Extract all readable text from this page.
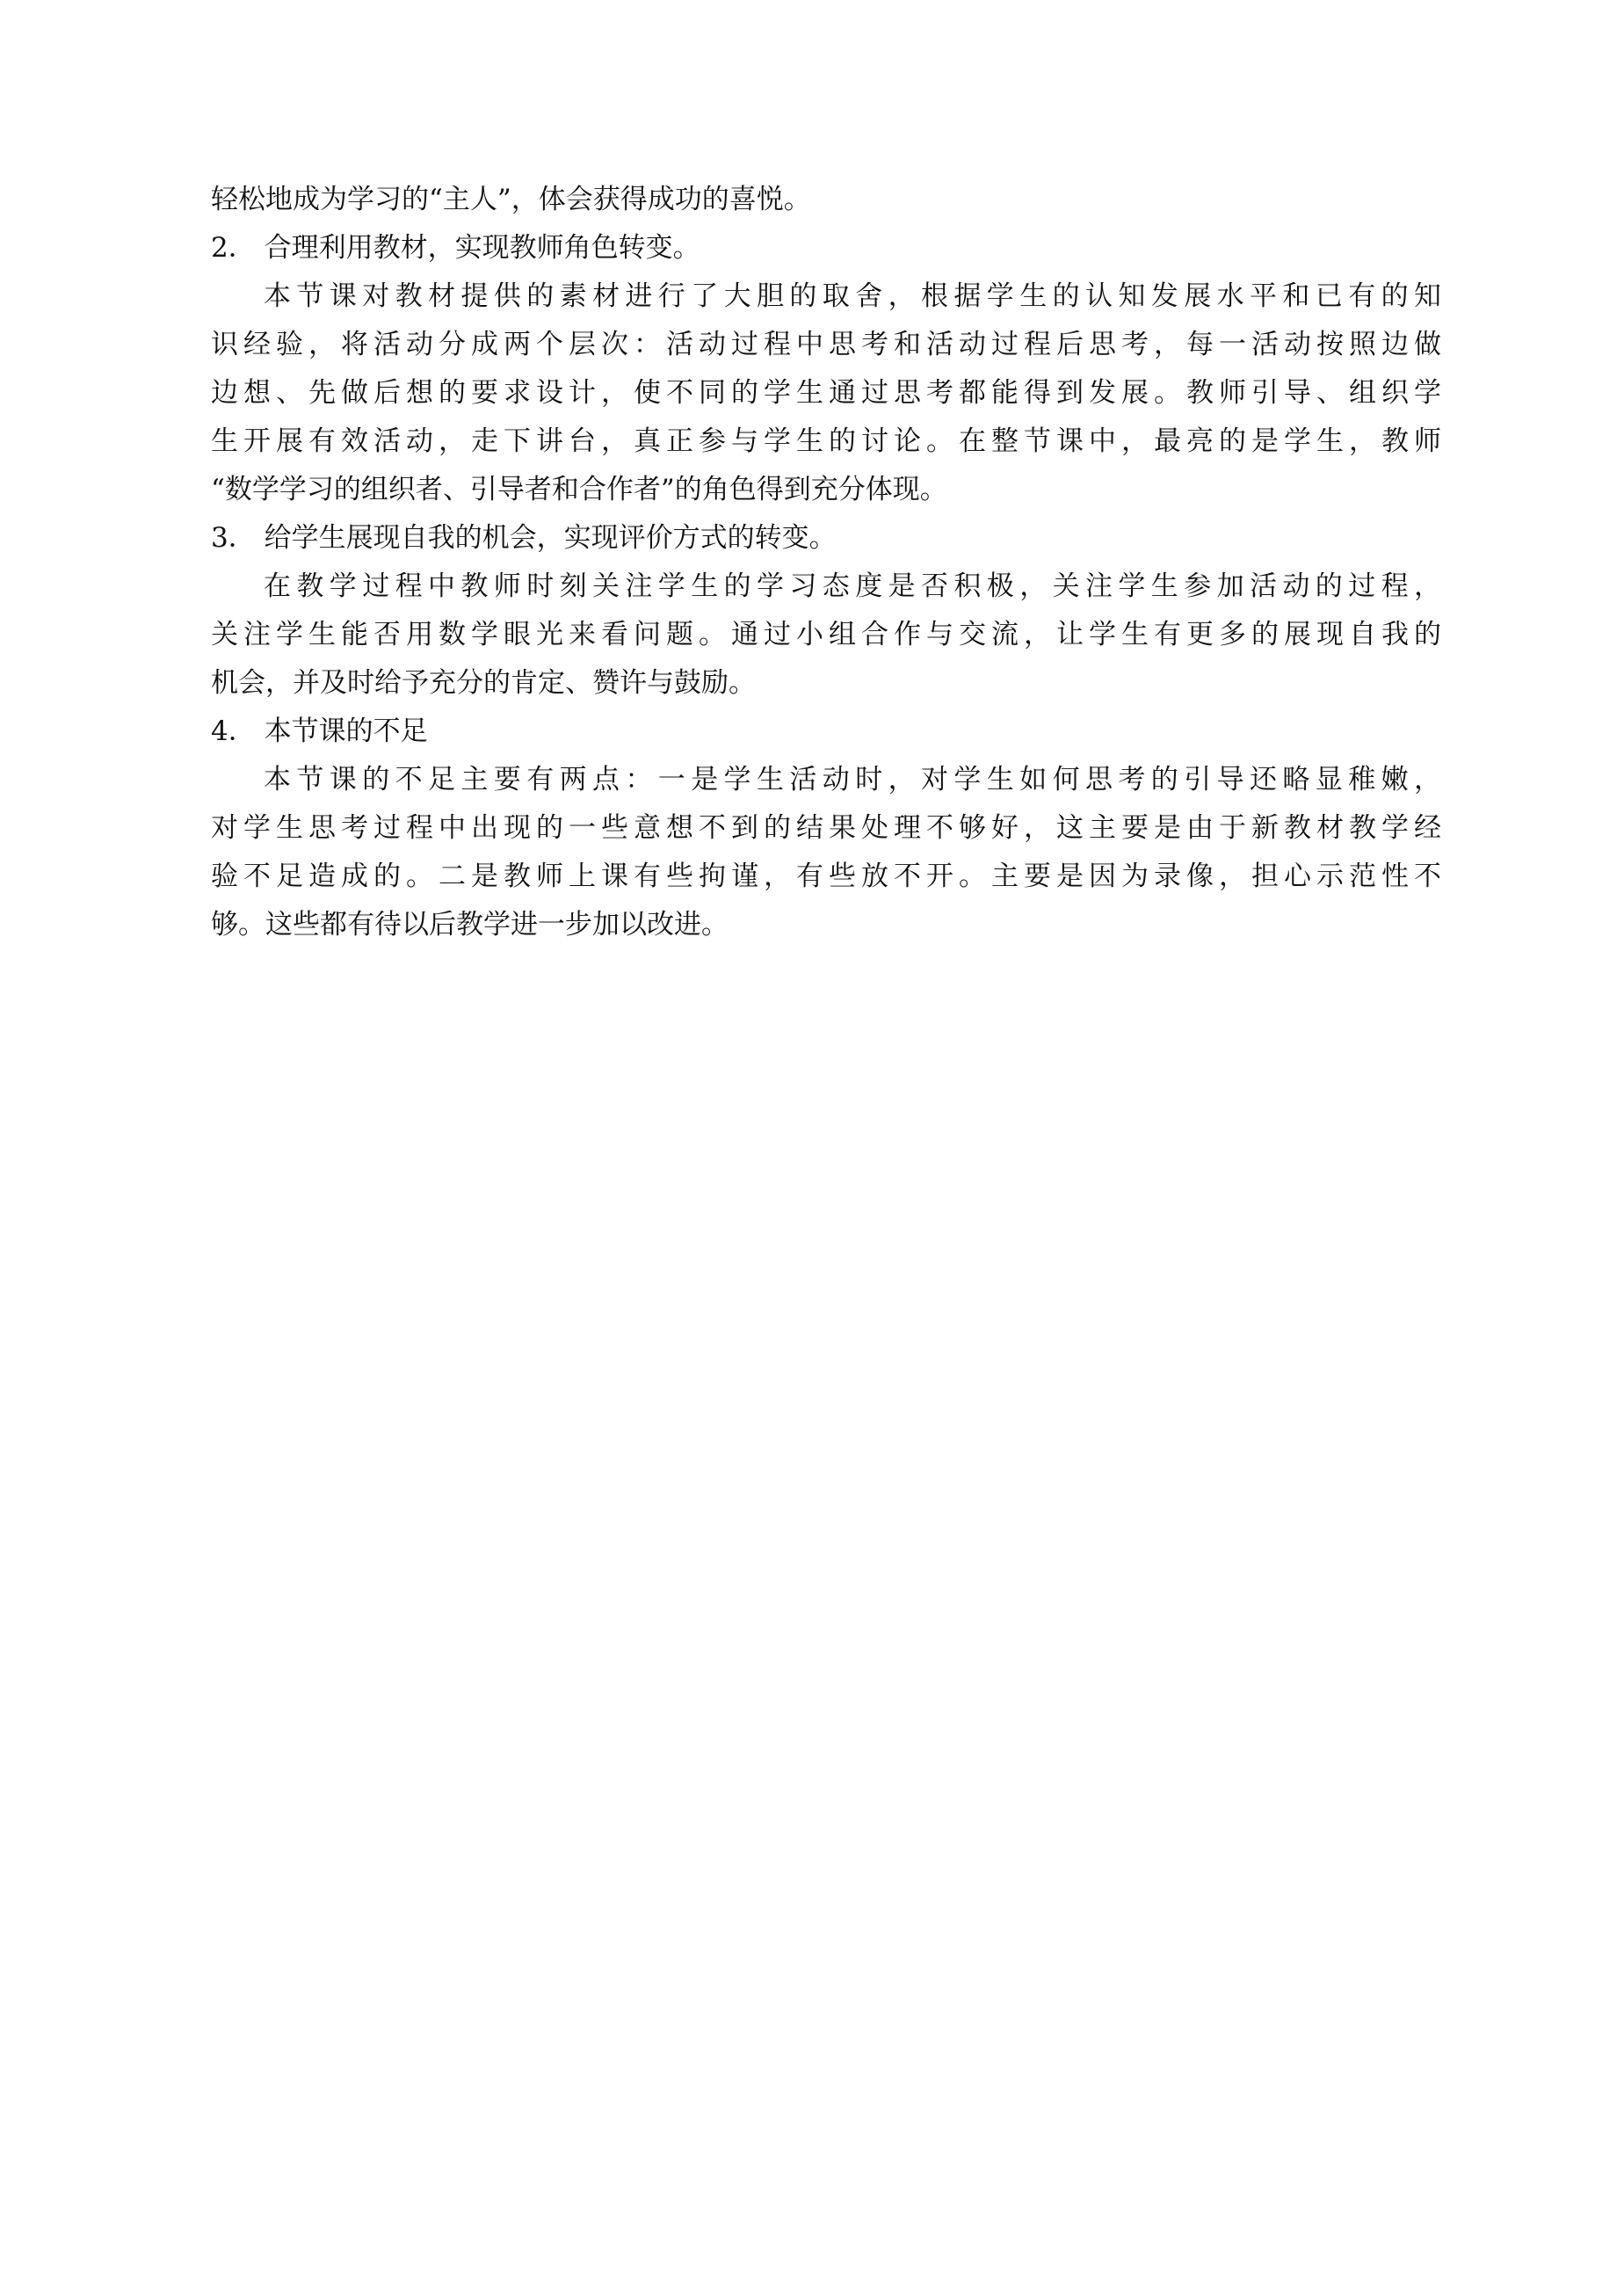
轻松地成为学习的“主人”，体会获得成功的喜悦。
2． 合理利用教材，实现教师角色转变。
本节课对教材提供的素材进行了大胆的取舍，根据学生的认知发展水平和已有的知
识经验，将活动分成两个层次：活动过程中思考和活动过程后思考，每一活动按照边做
边想、先做后想的要求设计，使不同的学生通过思考都能得到发展。教师引导、组织学
生开展有效活动，走下讲台，真正参与学生的讨论。在整节课中，最亮的是学生，教师
“数学学习的组织者、引导者和合作者”的角色得到充分体现。
3． 给学生展现自我的机会，实现评价方式的转变。
在教学过程中教师时刻关注学生的学习态度是否积极，关注学生参加活动的过程，
关注学生能否用数学眼光来看问题。通过小组合作与交流，让学生有更多的展现自我的
机会，并及时给予充分的肯定、赞许与鼓励。
4． 本节课的不足
本节课的不足主要有两点：一是学生活动时，对学生如何思考的引导还略显稚嫩，
对学生思考过程中出现的一些意想不到的结果处理不够好，这主要是由于新教材教学经
验不足造成的。二是教师上课有些拘谨，有些放不开。主要是因为录像，担心示范性不
够。这些都有待以后教学进一步加以改进。
